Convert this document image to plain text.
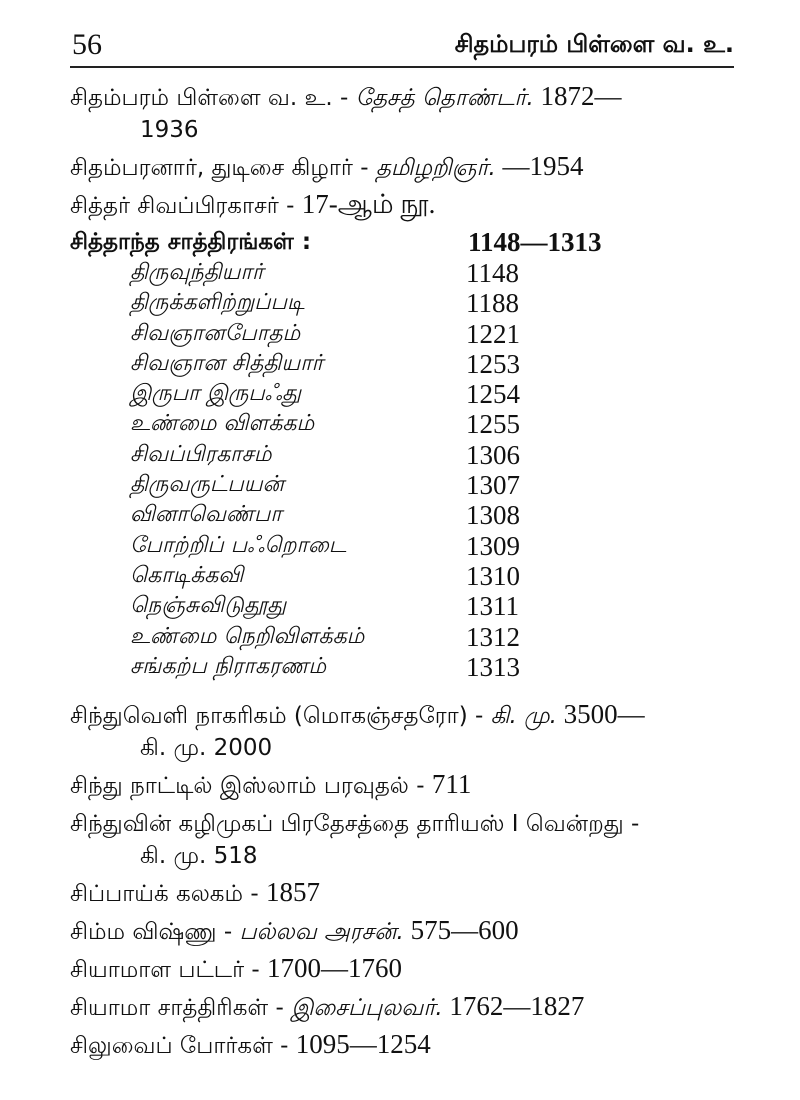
56	சிதம்பரம் பிள்ளை வ. உ.
சிதம்பரம் பிள்ளை வ. உ. - தேசத் தொண்டர். 1872—
1936
சிதம்பரனார், துடிசை கிழார் - தமிழறிஞர். —1954
சித்தர் சிவப்பிரகாசர் - 17-ஆம் நூ.
சித்தாந்த சாத்திரங்கள் :	1148—1313
திருவுந்தியார்	1148
திருக்களிற்றுப்படி	1188
சிவஞானபோதம்	1221
சிவஞான சித்தியார்	1253
இருபா இருபஃது	1254
உண்மை விளக்கம்	1255
சிவப்பிரகாசம்	1306
திருவருட்பயன்	1307
வினாவெண்பா	1308
போற்றிப் பஃறொடை	1309
கொடிக்கவி	1310
நெஞ்சுவிடுதூது	1311
உண்மை நெறிவிளக்கம்	1312
சங்கற்ப நிராகரணம்	1313
சிந்துவெளி நாகரிகம் (மொகஞ்சதரோ) - கி. மு. 3500—
கி. மு. 2000
சிந்து நாட்டில் இஸ்லாம் பரவுதல் - 711
சிந்துவின் கழிமுகப் பிரதேசத்தை தாரியஸ் I வென்றது -
கி. மு. 518
சிப்பாய்க் கலகம் - 1857
சிம்ம விஷ்ணு - பல்லவ அரசன். 575—600
சியாமாள பட்டர் - 1700—1760
சியாமா சாத்திரிகள் - இசைப்புலவர். 1762—1827
சிலுவைப் போர்கள் - 1095—1254
